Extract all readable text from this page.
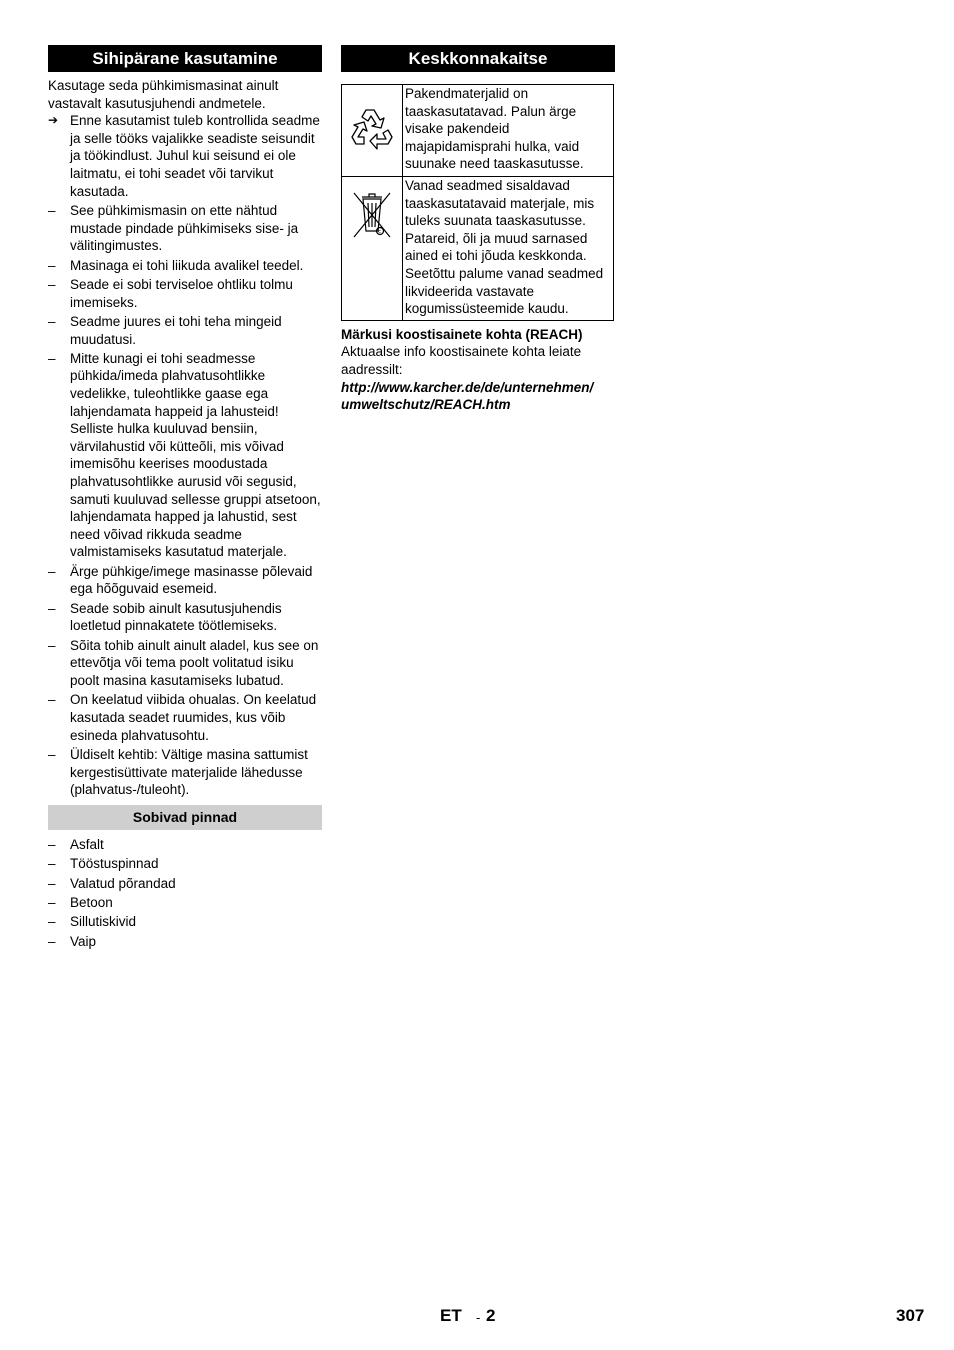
Sihipärane kasutamine

Kasutage seda pühkimismasinat ainult vastavalt kasutusjuhendi andmetele.

➔ Enne kasutamist tuleb kontrollida seadme ja selle tööks vajalikke seadiste seisundit ja töökindlust. Juhul kui seisund ei ole laitmatu, ei tohi seadet või tarvikut kasutada.
– See pühkimismasin on ette nähtud mustade pindade pühkimiseks sise- ja välitingimustes.
– Masinaga ei tohi liikuda avalikel teedel.
– Seade ei sobi terviseloe ohtliku tolmu imemiseks.
– Seadme juures ei tohi teha mingeid muudatusi.
– Mitte kunagi ei tohi seadmesse pühkida/imeda plahvatusohtlikke vedelikke, tuleohtlikke gaase ega lahjendamata happeid ja lahusteid! Selliste hulka kuuluvad bensiin, värvilahustid või kütteõli, mis võivad imemisõhu keerises moodustada plahvatusohtlikke aurusid või segusid, samuti kuuluvad sellesse gruppi atsetoon, lahjendamata happed ja lahustid, sest need võivad rikkuda seadme valmistamiseks kasutatud materjale.
– Ärge pühkige/imege masinasse põlevaid ega hõõguvaid esemeid.
– Seade sobib ainult kasutusjuhendis loetletud pinnakatete töötlemiseks.
– Sõita tohib ainult ainult aladel, kus see on ettevõtja või tema poolt volitatud isiku poolt masina kasutamiseks lubatud.
– On keelatud viibida ohualas. On keelatud kasutada seadet ruumides, kus võib esineda plahvatusohtu.
– Üldiselt kehtib: Vältige masina sattumist kergestisüttivate materjalide lähedusse (plahvatus-/tuleoht).
Sobivad pinnad
– Asfalt
– Tööstuspinnad
– Valatud põrandad
– Betoon
– Sillutiskivid
– Vaip
Keskkonnakaitse
	Pakendmaterjalid on taaskasutatavad. Palun ärge visake pakendeid majapidamisprahi hulka, vaid suunake need taaskasutusse.

c	Vanad seadmed sisaldavad taaskasutatavaid materjale, mis tuleks suunata taaskasutusse. Patareid, õli ja muud sarnased ained ei tohi jõuda keskkonda. Seetõttu palume vanad seadmed likvideerida vastavate kogumissüsteemide kaudu.
Märkusi koostisainete kohta (REACH)

Aktuaalse info koostisainete kohta leiate aadressilt:

http://www.karcher.de/de/unternehmen/
umweltschutz/REACH.htm
ET - 2	307
